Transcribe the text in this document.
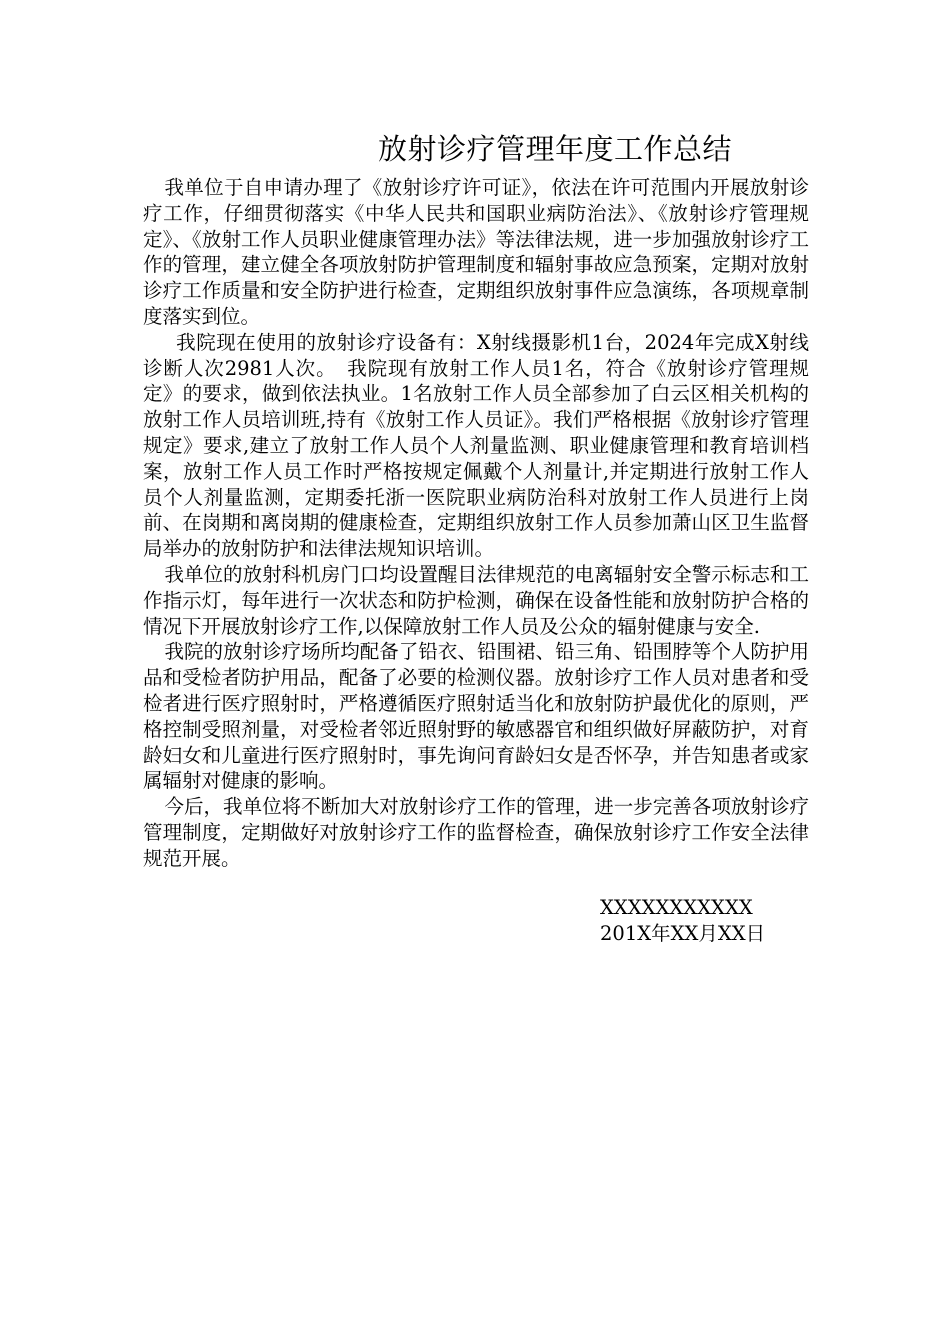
放射诊疗管理年度工作总结

我单位于自申请办理了《放射诊疗许可证》，依法在许可范围内开展放射诊疗工作，仔细贯彻落实《中华人民共和国职业病防治法》、《放射诊疗管理规定》、《放射工作人员职业健康管理办法》等法律法规，进一步加强放射诊疗工作的管理，建立健全各项放射防护管理制度和辐射事故应急预案，定期对放射诊疗工作质量和安全防护进行检查，定期组织放射事件应急演练，各项规章制度落实到位。

我院现在使用的放射诊疗设备有：X射线摄影机1台，2024年完成X射线诊断人次2981人次。　我院现有放射工作人员1名，符合《放射诊疗管理规定》的要求，做到依法执业。1名放射工作人员全部参加了白云区相关机构的放射工作人员培训班,持有《放射工作人员证》。我们严格根据《放射诊疗管理规定》要求,建立了放射工作人员个人剂量监测、职业健康管理和教育培训档案，放射工作人员工作时严格按规定佩戴个人剂量计,并定期进行放射工作人员个人剂量监测，定期委托浙一医院职业病防治科对放射工作人员进行上岗前、在岗期和离岗期的健康检查，定期组织放射工作人员参加萧山区卫生监督局举办的放射防护和法律法规知识培训。

我单位的放射科机房门口均设置醒目法律规范的电离辐射安全警示标志和工作指示灯，每年进行一次状态和防护检测，确保在设备性能和放射防护合格的情况下开展放射诊疗工作,以保障放射工作人员及公众的辐射健康与安全.

我院的放射诊疗场所均配备了铅衣、铅围裙、铅三角、铅围脖等个人防护用品和受检者防护用品，配备了必要的检测仪器。放射诊疗工作人员对患者和受检者进行医疗照射时，严格遵循医疗照射适当化和放射防护最优化的原则，严格控制受照剂量，对受检者邻近照射野的敏感器官和组织做好屏蔽防护，对育龄妇女和儿童进行医疗照射时，事先询问育龄妇女是否怀孕，并告知患者或家属辐射对健康的影响。

今后，我单位将不断加大对放射诊疗工作的管理，进一步完善各项放射诊疗管理制度，定期做好对放射诊疗工作的监督检查，确保放射诊疗工作安全法律规范开展。

XXXXXXXXXXX
201X年XX月XX日
